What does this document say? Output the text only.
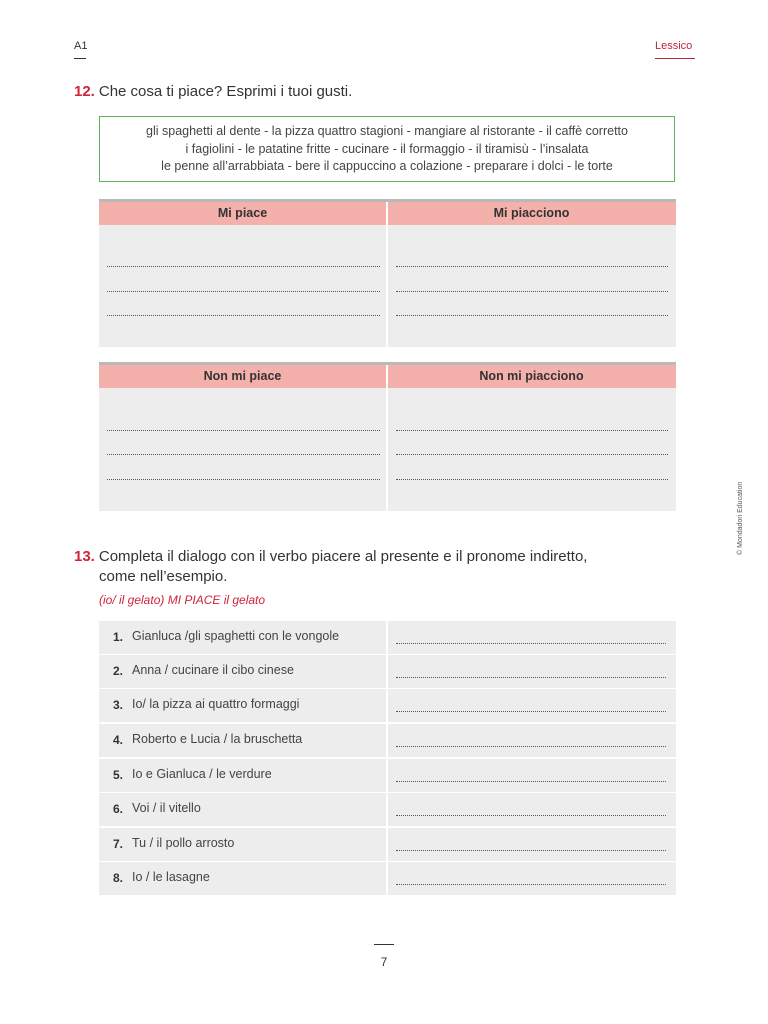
A1	Lessico
12. Che cosa ti piace? Esprimi i tuoi gusti.
gli spaghetti al dente - la pizza quattro stagioni - mangiare al ristorante - il caffè corretto
i fagiolini - le patatine fritte - cucinare - il formaggio - il tiramisù - l’insalata
le penne all’arrabbiata - bere il cappuccino a colazione - preparare i dolci - le torte
Mi piace	Mi piacciono
Non mi piace	Non mi piacciono
13. Completa il dialogo con il verbo piacere al presente e il pronome indiretto,
come nell’esempio.
(io/ il gelato) MI PIACE il gelato
1. Gianluca /gli spaghetti con le vongole
2. Anna / cucinare il cibo cinese
3. Io/ la pizza ai quattro formaggi
4. Roberto e Lucia / la bruschetta
5. Io e Gianluca / le verdure
6. Voi / il vitello
7. Tu / il pollo arrosto
8. Io / le lasagne
© Mondadori Education
7
